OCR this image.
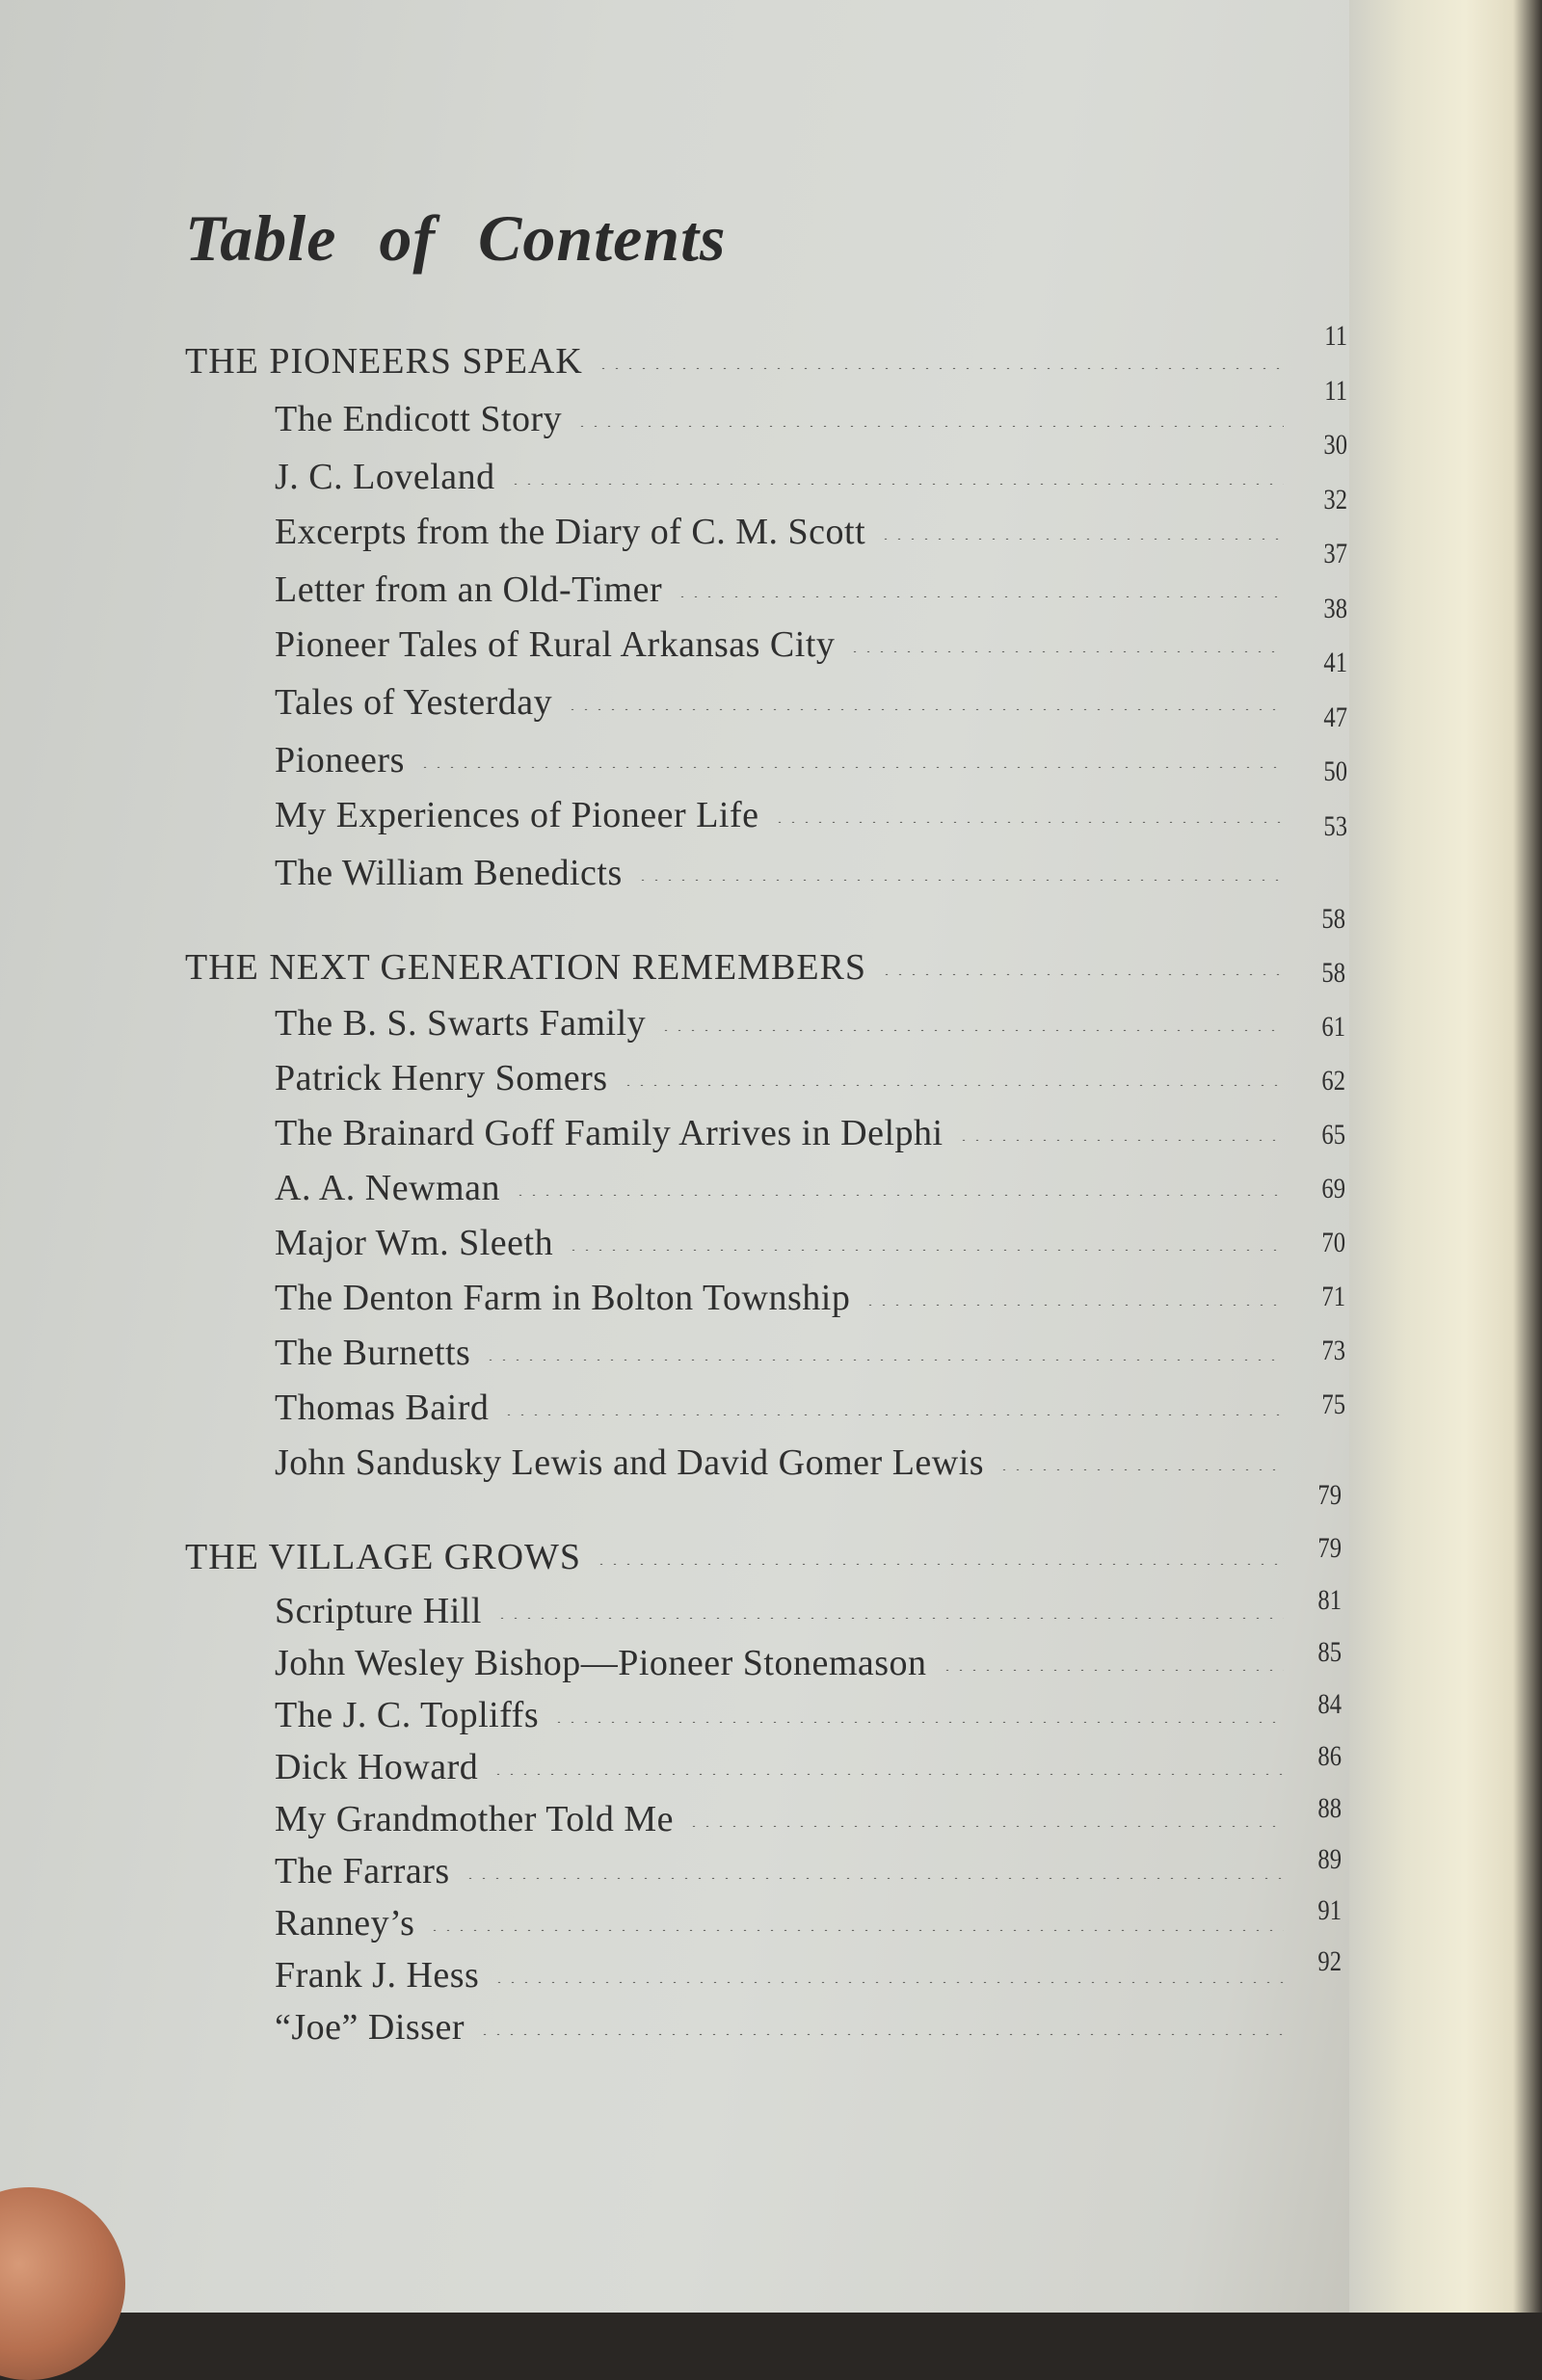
Table of Contents
THE PIONEERS SPEAK
The Endicott Story
J. C. Loveland
Excerpts from the Diary of C. M. Scott
Letter from an Old-Timer
Pioneer Tales of Rural Arkansas City
Tales of Yesterday
Pioneers
My Experiences of Pioneer Life
The William Benedicts
THE NEXT GENERATION REMEMBERS
The B. S. Swarts Family
Patrick Henry Somers
The Brainard Goff Family Arrives in Delphi
A. A. Newman
Major Wm. Sleeth
The Denton Farm in Bolton Township
The Burnetts
Thomas Baird
John Sandusky Lewis and David Gomer Lewis
THE VILLAGE GROWS
Scripture Hill
John Wesley Bishop—Pioneer Stonemason
The J. C. Topliffs
Dick Howard
My Grandmother Told Me
The Farrars
Ranney’s
Frank J. Hess
“Joe” Disser
11
11
30
32
37
38
41
47
50
53
58
58
61
62
65
69
70
71
73
75
79
79
81
85
84
86
88
89
91
92
